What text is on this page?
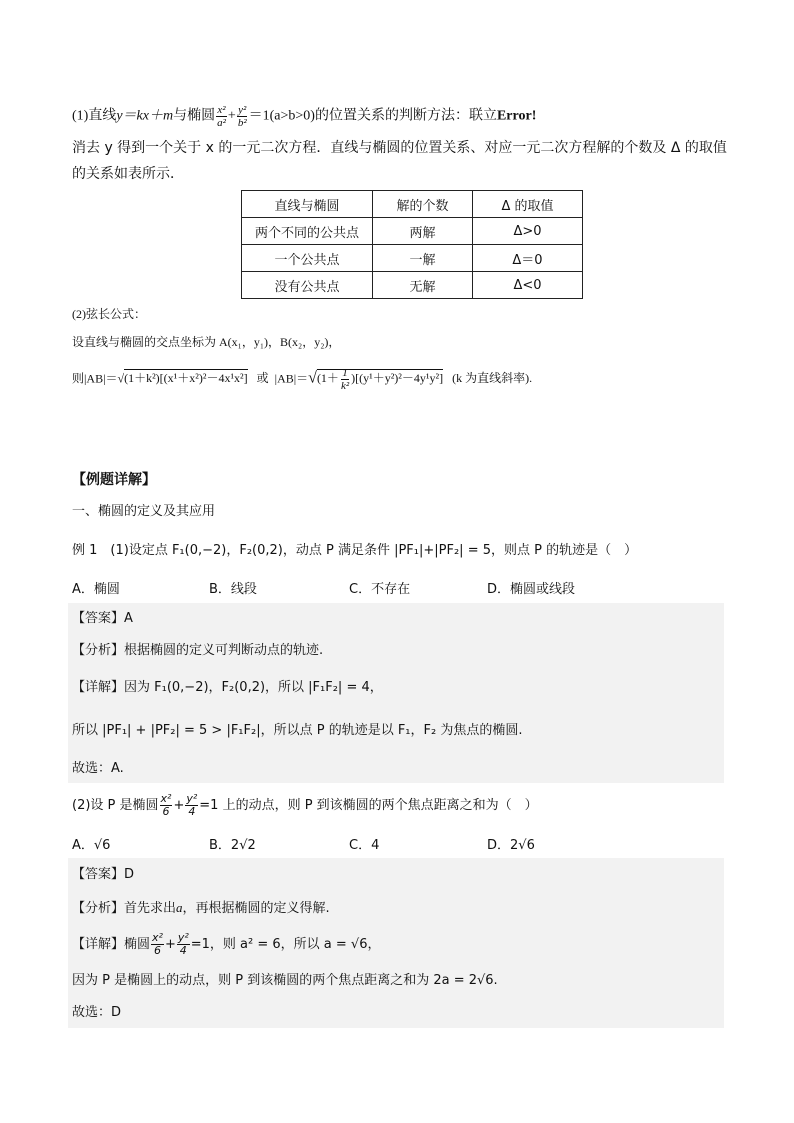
(1)直线y＝kx＋m与椭圆 $\frac{\text{x²}}{\text{a²}} + \frac{\text{y²}}{\text{b²}} =1(a>b>0)$的位置关系的判断方法：联立Error!
消去 y 得到一个关于 x 的一元二次方程．直线与椭圆的位置关系、对应一元二次方程解的个数及 Δ 的取值
的关系如表所示．
直线与椭圆	解的个数	Δ 的取值
两个不同的公共点	两解	Δ>0
一个公共点	一解	Δ＝0
没有公共点	无解	Δ<0
(2)弦长公式：
设直线与椭圆的交点坐标为 A(x₁，y₁)，B(x₂，y₂)，
则|AB|＝√(1＋k²)[(x¹＋x²)²－4x¹x²] 或 $|AB|=√(1+ \frac{1}{\text{k²}} )[(y^1+y^2)^2-4y^1y^2]$ (k 为直线斜率).
【例题详解】
一、椭圆的定义及其应用
例 1　(1)设定点 F₁(0,−2)，F₂(0,2)，动点 P 满足条件 |PF₁|+|PF₂| = 5，则点 P 的轨迹是（　）
A．椭圆	B．线段	C．不存在	D．椭圆或线段
【答案】A
【分析】根据椭圆的定义可判断动点的轨迹.
【详解】因为 F₁(0,−2)，F₂(0,2)，所以 |F₁F₂| = 4，
所以 |PF₁| + |PF₂| = 5 > |F₁F₂|，所以点 P 的轨迹是以 F₁，F₂ 为焦点的椭圆.
故选：A.
(2)设 P 是椭圆 $\frac{\text{x²}}{6} + \frac{\text{y²}}{4} =1$ 上的动点，则 P 到该椭圆的两个焦点距离之和为（　）
A．√6	B．2√2	C．4	D．2√6
【答案】D
【分析】首先求出a，再根据椭圆的定义得解.
【详解】椭圆 $\frac{\text{x²}}{6} + \frac{\text{y²}}{4} =1$，则 a² = 6，所以 a = √6，
因为 P 是椭圆上的动点，则 P 到该椭圆的两个焦点距离之和为 2a = 2√6.
故选：D
